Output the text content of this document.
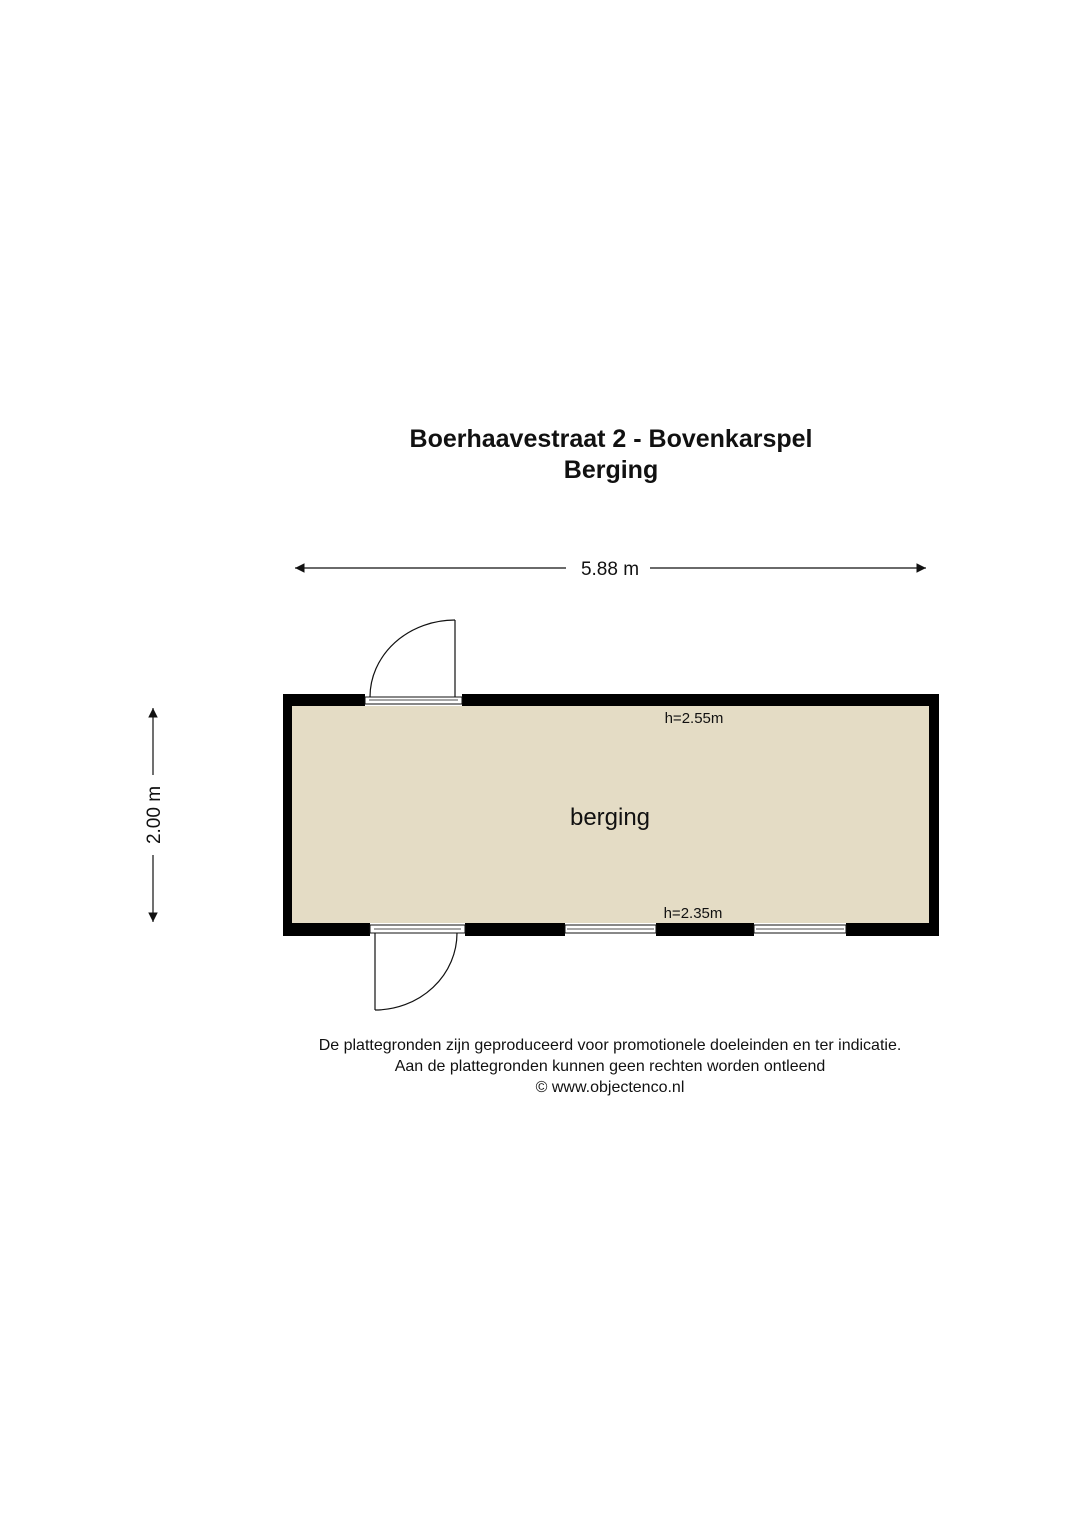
Boerhaavestraat 2 - Bovenkarspel
Berging
5.88 m
2.00 m	berging
h=2.55m
h=2.35m
De plattegronden zijn geproduceerd voor promotionele doeleinden en ter indicatie.
Aan de plattegronden kunnen geen rechten worden ontleend
© www.objectenco.nl
